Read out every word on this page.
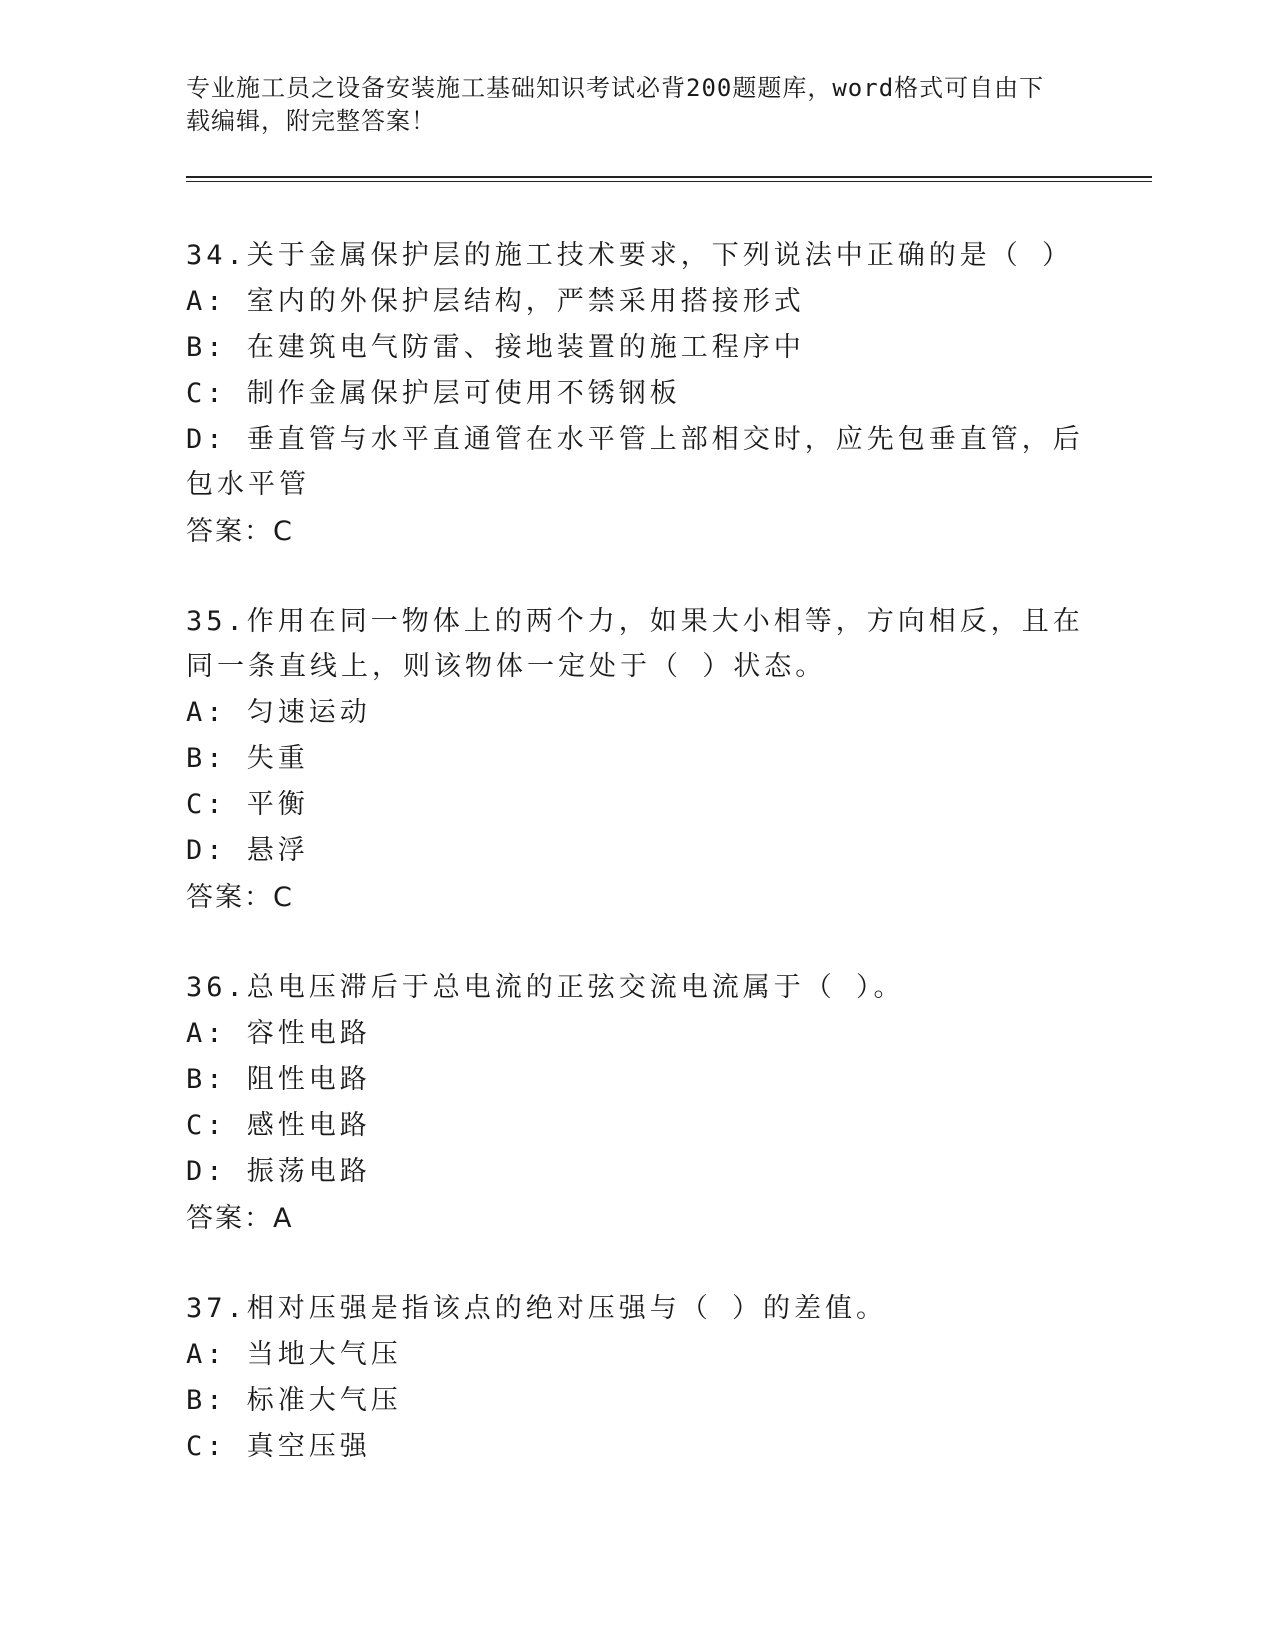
专业施工员之设备安装施工基础知识考试必背200题题库，word格式可自由下载编辑，附完整答案！
34.关于金属保护层的施工技术要求，下列说法中正确的是（ ）
A: 室内的外保护层结构，严禁采用搭接形式
B: 在建筑电气防雷、接地装置的施工程序中
C: 制作金属保护层可使用不锈钢板
D: 垂直管与水平直通管在水平管上部相交时，应先包垂直管，后包水平管
答案：C
35.作用在同一物体上的两个力，如果大小相等，方向相反，且在同一条直线上，则该物体一定处于（ ）状态。
A: 匀速运动
B: 失重
C: 平衡
D: 悬浮
答案：C
36.总电压滞后于总电流的正弦交流电流属于（ ）。
A: 容性电路
B: 阻性电路
C: 感性电路
D: 振荡电路
答案：A
37.相对压强是指该点的绝对压强与（ ）的差值。
A: 当地大气压
B: 标准大气压
C: 真空压强
